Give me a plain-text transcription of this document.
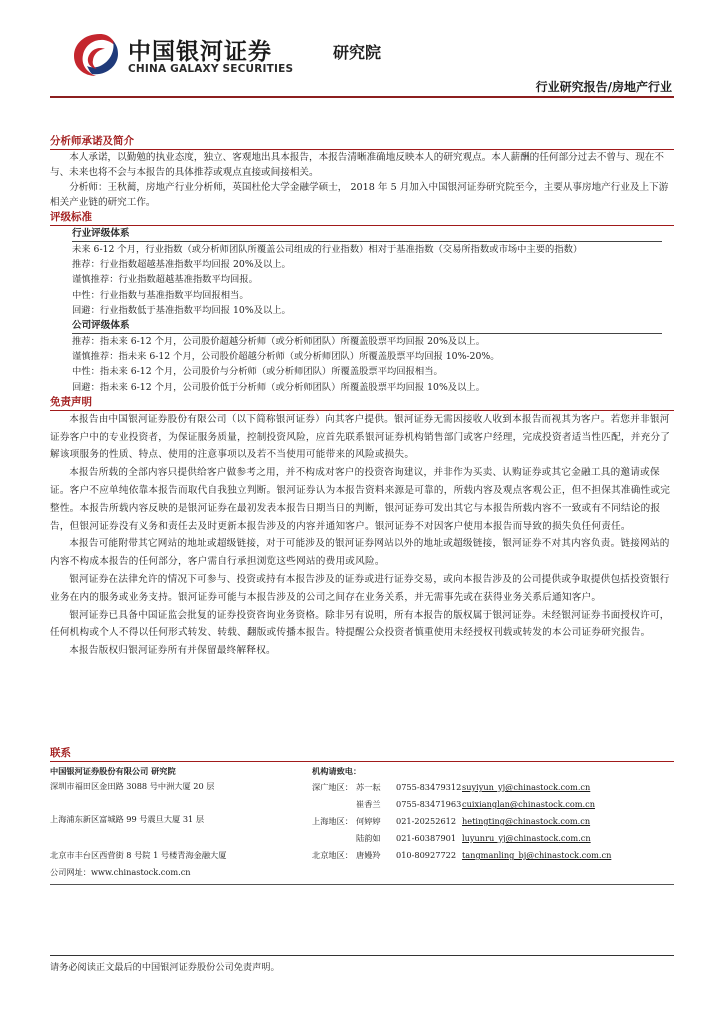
中国银河证券
CHINA GALAXY SECURITIES
研究院
行业研究报告/房地产行业
分析师承诺及简介

本人承诺，以勤勉的执业态度，独立、客观地出具本报告，本报告清晰准确地反映本人的研究观点。本人薪酬的任何部分过去不曾与、现在不与、未来也将不会与本报告的具体推荐或观点直接或间接相关。

分析师：王秋蔺，房地产行业分析师，英国杜伦大学金融学硕士， 2018 年 5 月加入中国银河证券研究院至今，主要从事房地产行业及上下游相关产业链的研究工作。

评级标准
行业评级体系

未来 6-12 个月，行业指数（或分析师团队所覆盖公司组成的行业指数）相对于基准指数（交易所指数或市场中主要的指数）

推荐：行业指数超越基准指数平均回报 20%及以上。

谨慎推荐：行业指数超越基准指数平均回报。

中性：行业指数与基准指数平均回报相当。

回避：行业指数低于基准指数平均回报 10%及以上。

公司评级体系

推荐：指未来 6-12 个月，公司股价超越分析师（或分析师团队）所覆盖股票平均回报 20%及以上。

谨慎推荐：指未来 6-12 个月，公司股价超越分析师（或分析师团队）所覆盖股票平均回报 10%-20%。

中性：指未来 6-12 个月，公司股价与分析师（或分析师团队）所覆盖股票平均回报相当。

回避：指未来 6-12 个月，公司股价低于分析师（或分析师团队）所覆盖股票平均回报 10%及以上。

免责声明

本报告由中国银河证券股份有限公司（以下简称银河证券）向其客户提供。银河证券无需因接收人收到本报告而视其为客户。若您并非银河证券客户中的专业投资者，为保证服务质量，控制投资风险，应首先联系银河证券机构销售部门或客户经理，完成投资者适当性匹配，并充分了解该项服务的性质、特点、使用的注意事项以及若不当使用可能带来的风险或损失。

本报告所载的全部内容只提供给客户做参考之用，并不构成对客户的投资咨询建议，并非作为买卖、认购证券或其它金融工具的邀请或保证。客户不应单纯依靠本报告而取代自我独立判断。银河证券认为本报告资料来源是可靠的，所载内容及观点客观公正，但不担保其准确性或完整性。本报告所载内容反映的是银河证券在最初发表本报告日期当日的判断，银河证券可发出其它与本报告所载内容不一致或有不同结论的报告，但银河证券没有义务和责任去及时更新本报告涉及的内容并通知客户。银河证券不对因客户使用本报告而导致的损失负任何责任。

本报告可能附带其它网站的地址或超级链接，对于可能涉及的银河证券网站以外的地址或超级链接，银河证券不对其内容负责。链接网站的内容不构成本报告的任何部分，客户需自行承担浏览这些网站的费用或风险。

银河证券在法律允许的情况下可参与、投资或持有本报告涉及的证券或进行证券交易，或向本报告涉及的公司提供或争取提供包括投资银行业务在内的服务或业务支持。银河证券可能与本报告涉及的公司之间存在业务关系，并无需事先或在获得业务关系后通知客户。

银河证券已具备中国证监会批复的证券投资咨询业务资格。除非另有说明，所有本报告的版权属于银河证券。未经银河证券书面授权许可，任何机构或个人不得以任何形式转发、转载、翻版或传播本报告。特提醒公众投资者慎重使用未经授权刊载或转发的本公司证券研究报告。

本报告版权归银河证券所有并保留最终解释权。

联系
中国银河证券股份有限公司 研究院
深圳市福田区金田路 3088 号中洲大厦 20 层
上海浦东新区富城路 99 号震旦大厦 31 层
北京市丰台区西营街 8 号院 1 号楼青海金融大厦
公司网址：www.chinastock.com.cn
机构请致电：
深广地区： 苏一耘 0755-83479312 suyiyun_yj@chinastock.com.cn
崔香兰 0755-83471963 cuixianglan@chinastock.com.cn
上海地区： 何婷婷 021-20252612 hetingting@chinastock.com.cn
陆韵如 021-60387901 luyunru_yj@chinastock.com.cn
北京地区： 唐嫚羚 010-80927722 tangmanling_bj@chinastock.com.cn
请务必阅读正文最后的中国银河证券股份公司免责声明。
